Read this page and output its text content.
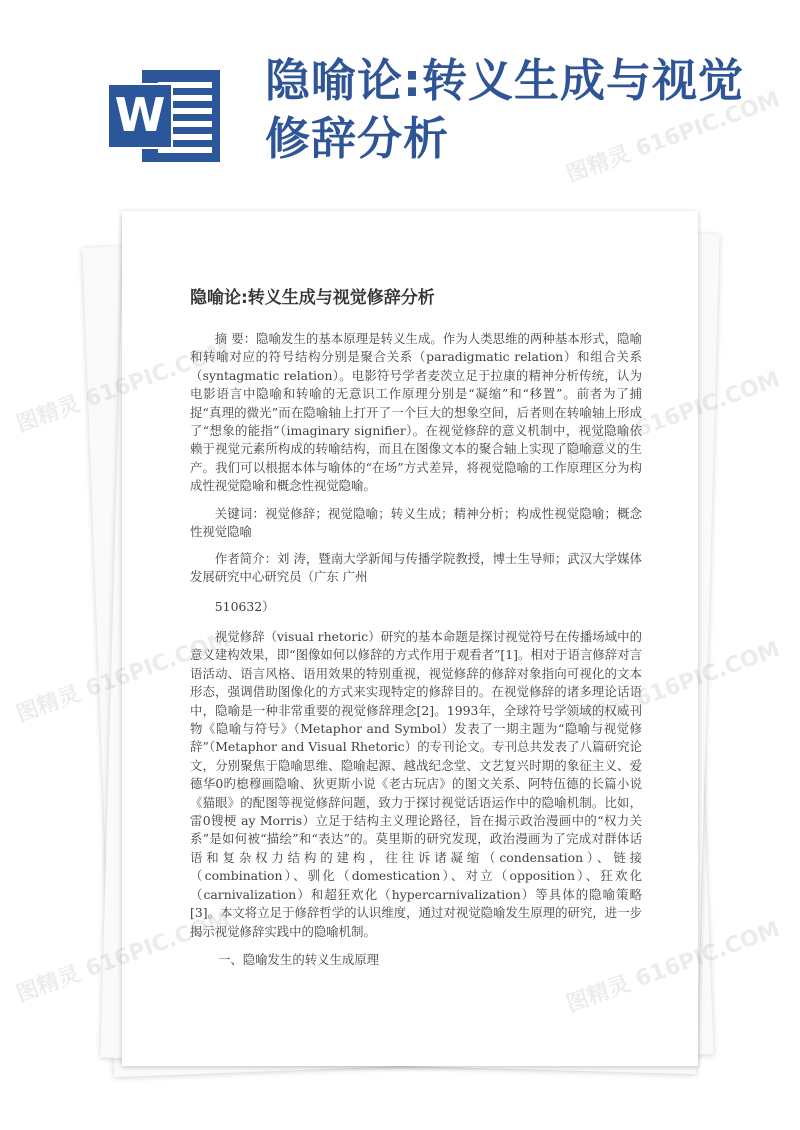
W
隐喻论:转义生成与视觉修辞分析
隐喻论:转义生成与视觉修辞分析

摘 要：隐喻发生的基本原理是转义生成。作为人类思维的两种基本形式，隐喻和转喻对应的符号结构分别是聚合关系（paradigmatic relation）和组合关系（syntagmatic relation）。电影符号学者麦茨立足于拉康的精神分析传统，认为电影语言中隐喻和转喻的无意识工作原理分别是“凝缩”和“移置”。前者为了捕捉“真理的微光”而在隐喻轴上打开了一个巨大的想象空间，后者则在转喻轴上形成了“想象的能指”（imaginary signifier）。在视觉修辞的意义机制中，视觉隐喻依赖于视觉元素所构成的转喻结构，而且在图像文本的聚合轴上实现了隐喻意义的生产。我们可以根据本体与喻体的“在场”方式差异，将视觉隐喻的工作原理区分为构成性视觉隐喻和概念性视觉隐喻。

关键词：视觉修辞；视觉隐喻；转义生成；精神分析；构成性视觉隐喻；概念性视觉隐喻

作者简介：刘 涛，暨南大学新闻与传播学院教授，博士生导师；武汉大学媒体发展研究中心研究员（广东 广州

510632）

视觉修辞（visual rhetoric）研究的基本命题是探讨视觉符号在传播场域中的意义建构效果，即“图像如何以修辞的方式作用于观看者”[1]。相对于语言修辞对言语活动、语言风格、语用效果的特别重视，视觉修辞的修辞对象指向可视化的文本形态，强调借助图像化的方式来实现特定的修辞目的。在视觉修辞的诸多理论话语中，隐喻是一种非常重要的视觉修辞理念[2]。1993年，全球符号学领域的权威刊物《隐喻与符号》（Metaphor and Symbol）发表了一期主题为“隐喻与视觉修辞”（Metaphor and Visual Rhetoric）的专刊论文。专刊总共发表了八篇研究论文，分别聚焦于隐喻思维、隐喻起源、越战纪念堂、文艺复兴时期的象征主义、爱德华0旳㮩穆画隐喻、狄更斯小说《老古玩店》的图文关系、阿特伍德的长篇小说《猫眼》的配图等视觉修辞问题，致力于探讨视觉话语运作中的隐喻机制。比如，雷0锼梗 ay Morris）立足于结构主义理论路径，旨在揭示政治漫画中的“权力关系”是如何被“描绘”和“表达”的。莫里斯的研究发现，政治漫画为了完成对群体话语和复杂权力结构的建构，往往诉诸凝缩（condensation）、链接（combination）、驯化（domestication）、对立（opposition）、狂欢化（carnivalization）和超狂欢化（hypercarnivalization）等具体的隐喻策略[3]。本文将立足于修辞哲学的认识维度，通过对视觉隐喻发生原理的研究，进一步揭示视觉修辞实践中的隐喻机制。

一、隐喻发生的转义生成原理

图精灵
图精灵	616PIC.COM
图精灵
